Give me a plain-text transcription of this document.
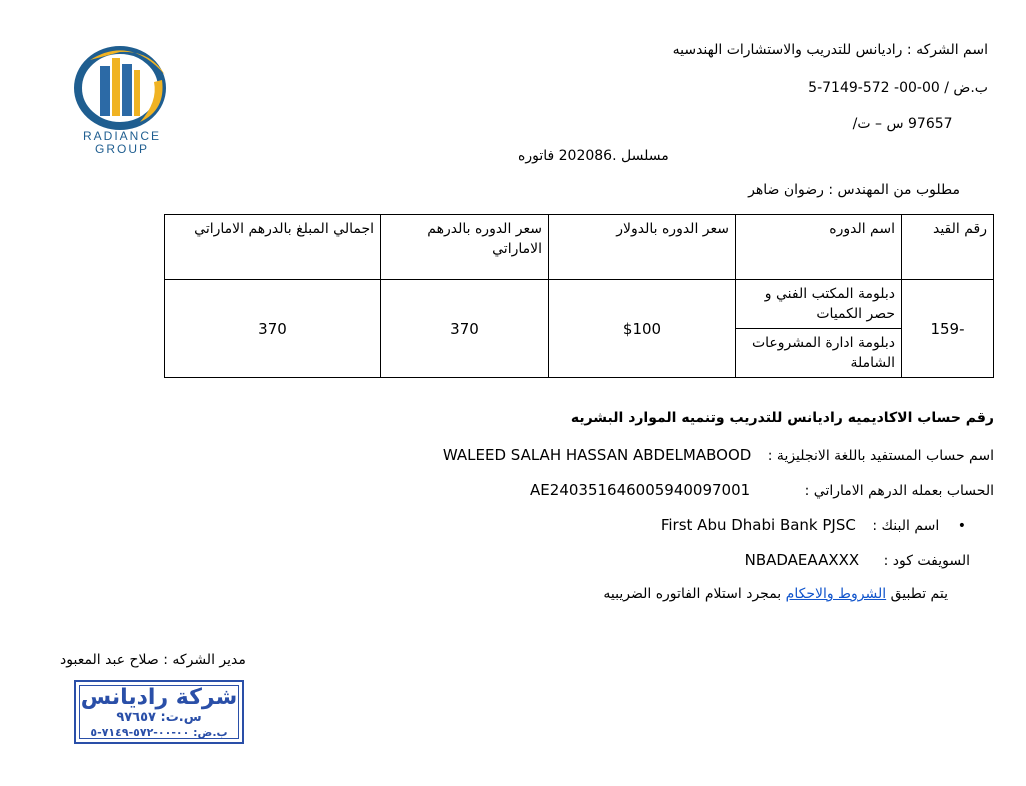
RADIANCE
GROUP
اسم الشركه : راديانس للتدريب والاستشارات الهندسيه
ب.ض / 00-00- 572-7149-5
س – ت/ 97657
مسلسل .202086 فاتوره
مطلوب من المهندس : رضوان ضاهر
رقم القيد	اسم الدوره	سعر الدوره بالدولار	سعر الدوره بالدرهم الاماراتي	اجمالي المبلغ بالدرهم الاماراتي
-159	دبلومة المكتب الفني و حصر الكميات	$100	370	370
	دبلومة ادارة المشروعات الشاملة			
رقم حساب الاكاديميه راديانس للتدريب وتنميه الموارد البشريه
WALEED SALAH HASSAN ABDELMABOOD اسم حساب المستفيد باللغة الانجليزية :
AE240351646005940097001	الحساب بعمله الدرهم الاماراتي :
First Abu Dhabi Bank PJSC اسم البنك : •
NBADAEAAXXX السويفت كود :
يتم تطبيق الشروط والاحكام بمجرد استلام الفاتوره الضريبيه
مدير الشركه : صلاح عبد المعبود
شركة راديانس
س.ت: ٩٧٦٥٧
ب.ض: ٠٠-٠٠-٥٧٢-٧١٤٩-٥
